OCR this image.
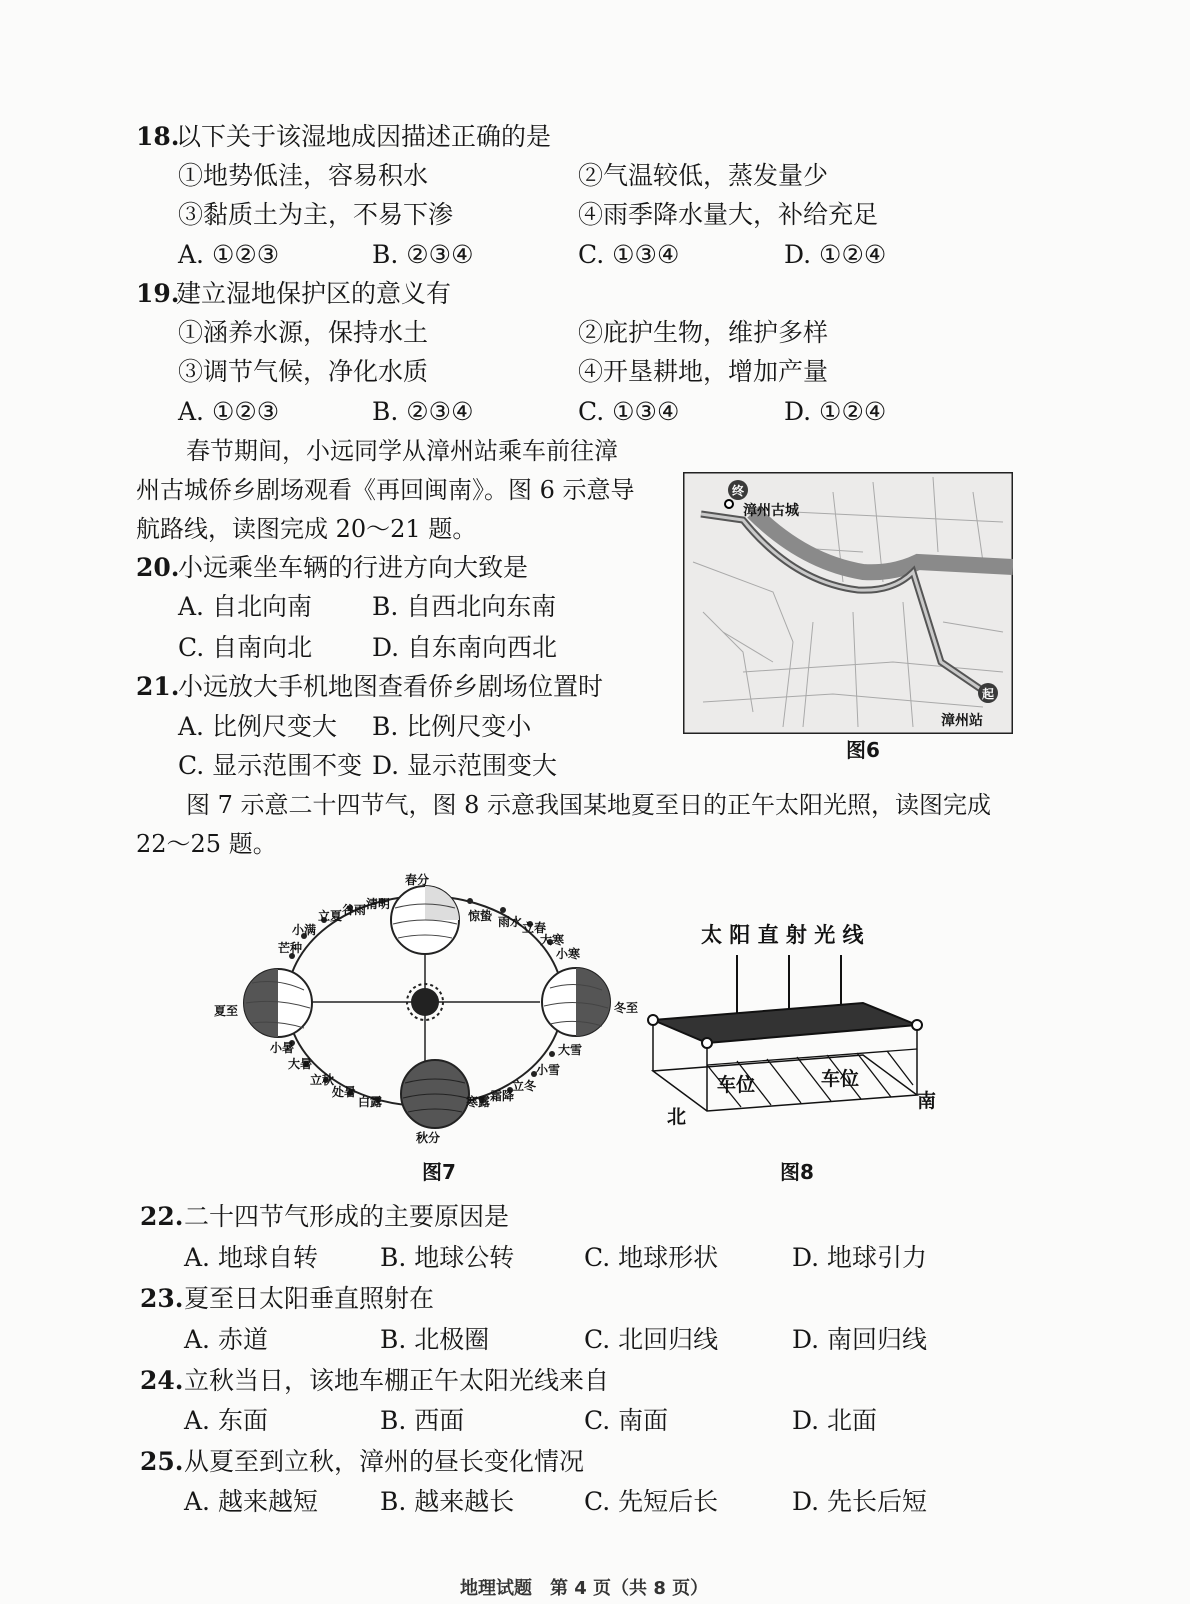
18.
以下关于该湿地成因描述正确的是
①地势低洼，容易积水	②气温较低，蒸发量少
③黏质土为主，不易下渗	④雨季降水量大，补给充足
A. ①②③	B. ②③④	C. ①③④	D. ①②④
19.
建立湿地保护区的意义有
①涵养水源，保持水土	②庇护生物，维护多样
③调节气候，净化水质	④开垦耕地，增加产量
A. ①②③	B. ②③④	C. ①③④	D. ①②④
春节期间，小远同学从漳州站乘车前往漳
州古城侨乡剧场观看《再回闽南》。图 6 示意导
航路线，读图完成 20～21 题。
20.
小远乘坐车辆的行进方向大致是
A. 自北向南 B. 自西北向东南
C. 自南向北 D. 自东南向西北
21.
小远放大手机地图查看侨乡剧场位置时
A. 比例尺变大 B. 比例尺变小
C. 显示范围不变 D. 显示范围变大
终
漳州古城
起
漳州站
图6
图 7 示意二十四节气，图 8 示意我国某地夏至日的正午太阳光照，读图完成
22～25 题。
春分
惊蛰 雨水 立春
大寒
小寒
冬至
大雪
小雪
立冬
霜降
寒露
秋分
白露
处暑
立秋
大暑
小暑
夏至
芒种
小满
立夏 谷雨 清明
图7
太 阳 直 射 光 线
车位	车位
北
南
图8
22. 二十四节气形成的主要原因是
A. 地球自转 B. 地球公转	C. 地球形状	D. 地球引力
23. 夏至日太阳垂直照射在
A. 赤道	B. 北极圈	C. 北回归线	D. 南回归线
24. 立秋当日，该地车棚正午太阳光线来自
A. 东面	B. 西面	C. 南面	D. 北面
25. 从夏至到立秋，漳州的昼长变化情况
A. 越来越短 B. 越来越长	C. 先短后长	D. 先长后短
地理试题　第 4 页（共 8 页）
